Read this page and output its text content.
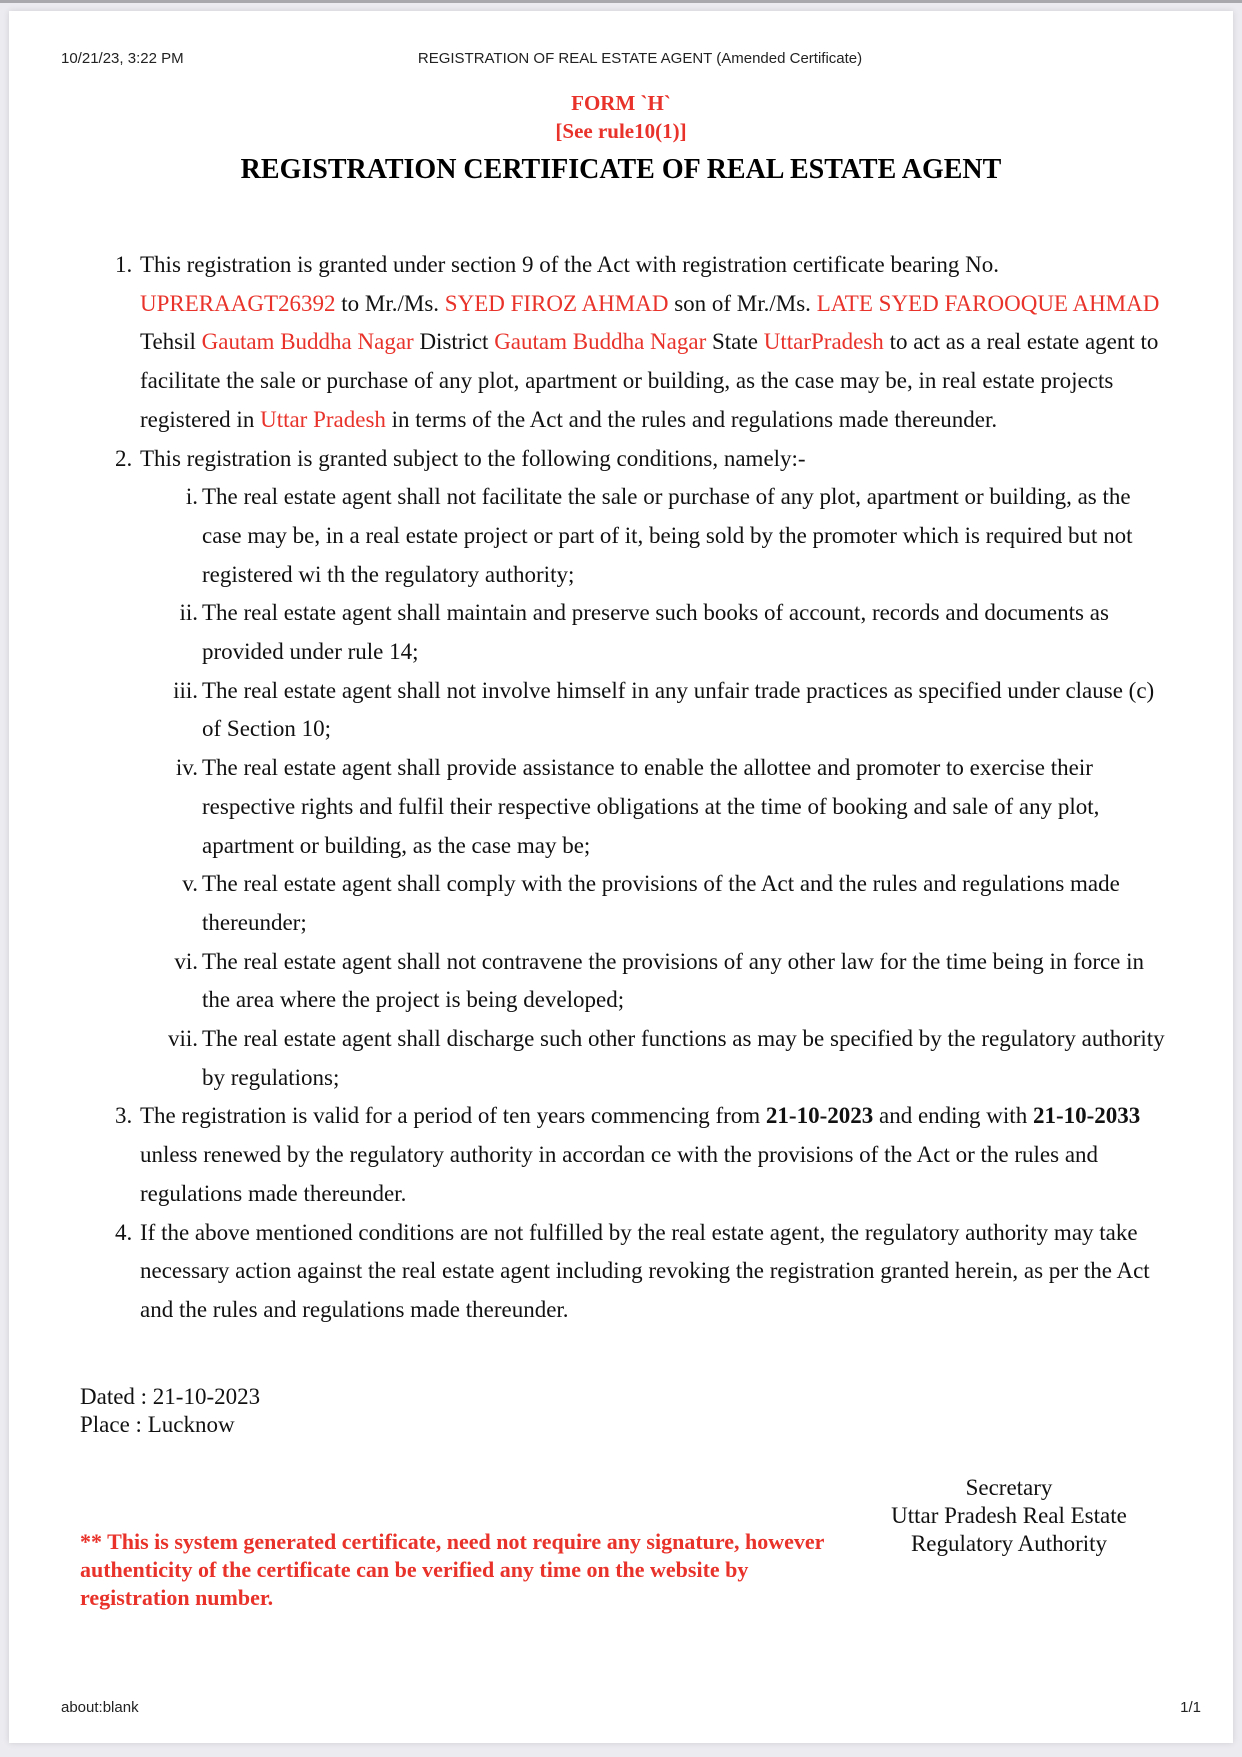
10/21/23, 3:22 PM	REGISTRATION OF REAL ESTATE AGENT (Amended Certificate)
FORM `H`
[See rule10(1)]
REGISTRATION CERTIFICATE OF REAL ESTATE AGENT
1. This registration is granted under section 9 of the Act with registration certificate bearing No.
UPRERAAGT26392 to Mr./Ms. SYED FIROZ AHMAD son of Mr./Ms. LATE SYED FAROOQUE AHMAD Tehsil Gautam Buddha Nagar District Gautam Buddha Nagar State UttarPradesh to act as a real estate agent to facilitate the sale or purchase of any plot, apartment or building, as the case may be, in real estate projects registered in Uttar Pradesh in terms of the Act and the rules and regulations made thereunder.
2. This registration is granted subject to the following conditions, namely:-
i. The real estate agent shall not facilitate the sale or purchase of any plot, apartment or building, as the case may be, in a real estate project or part of it, being sold by the promoter which is required but not registered wi th the regulatory authority;
ii. The real estate agent shall maintain and preserve such books of account, records and documents as provided under rule 14;
iii. The real estate agent shall not involve himself in any unfair trade practices as specified under clause (c) of Section 10;
iv. The real estate agent shall provide assistance to enable the allottee and promoter to exercise their respective rights and fulfil their respective obligations at the time of booking and sale of any plot, apartment or building, as the case may be;
v. The real estate agent shall comply with the provisions of the Act and the rules and regulations made thereunder;
vi. The real estate agent shall not contravene the provisions of any other law for the time being in force in the area where the project is being developed;
vii. The real estate agent shall discharge such other functions as may be specified by the regulatory authority by regulations;
3. The registration is valid for a period of ten years commencing from 21-10-2023 and ending with 21-10-2033 unless renewed by the regulatory authority in accordan ce with the provisions of the Act or the rules and regulations made thereunder.
4. If the above mentioned conditions are not fulfilled by the real estate agent, the regulatory authority may take necessary action against the real estate agent including revoking the registration granted herein, as per the Act and the rules and regulations made thereunder.
Dated : 21-10-2023
Place : Lucknow
Secretary
Uttar Pradesh Real Estate
Regulatory Authority
** This is system generated certificate, need not require any signature, however authenticity of the certificate can be verified any time on the website by registration number.
about:blank	1/1
